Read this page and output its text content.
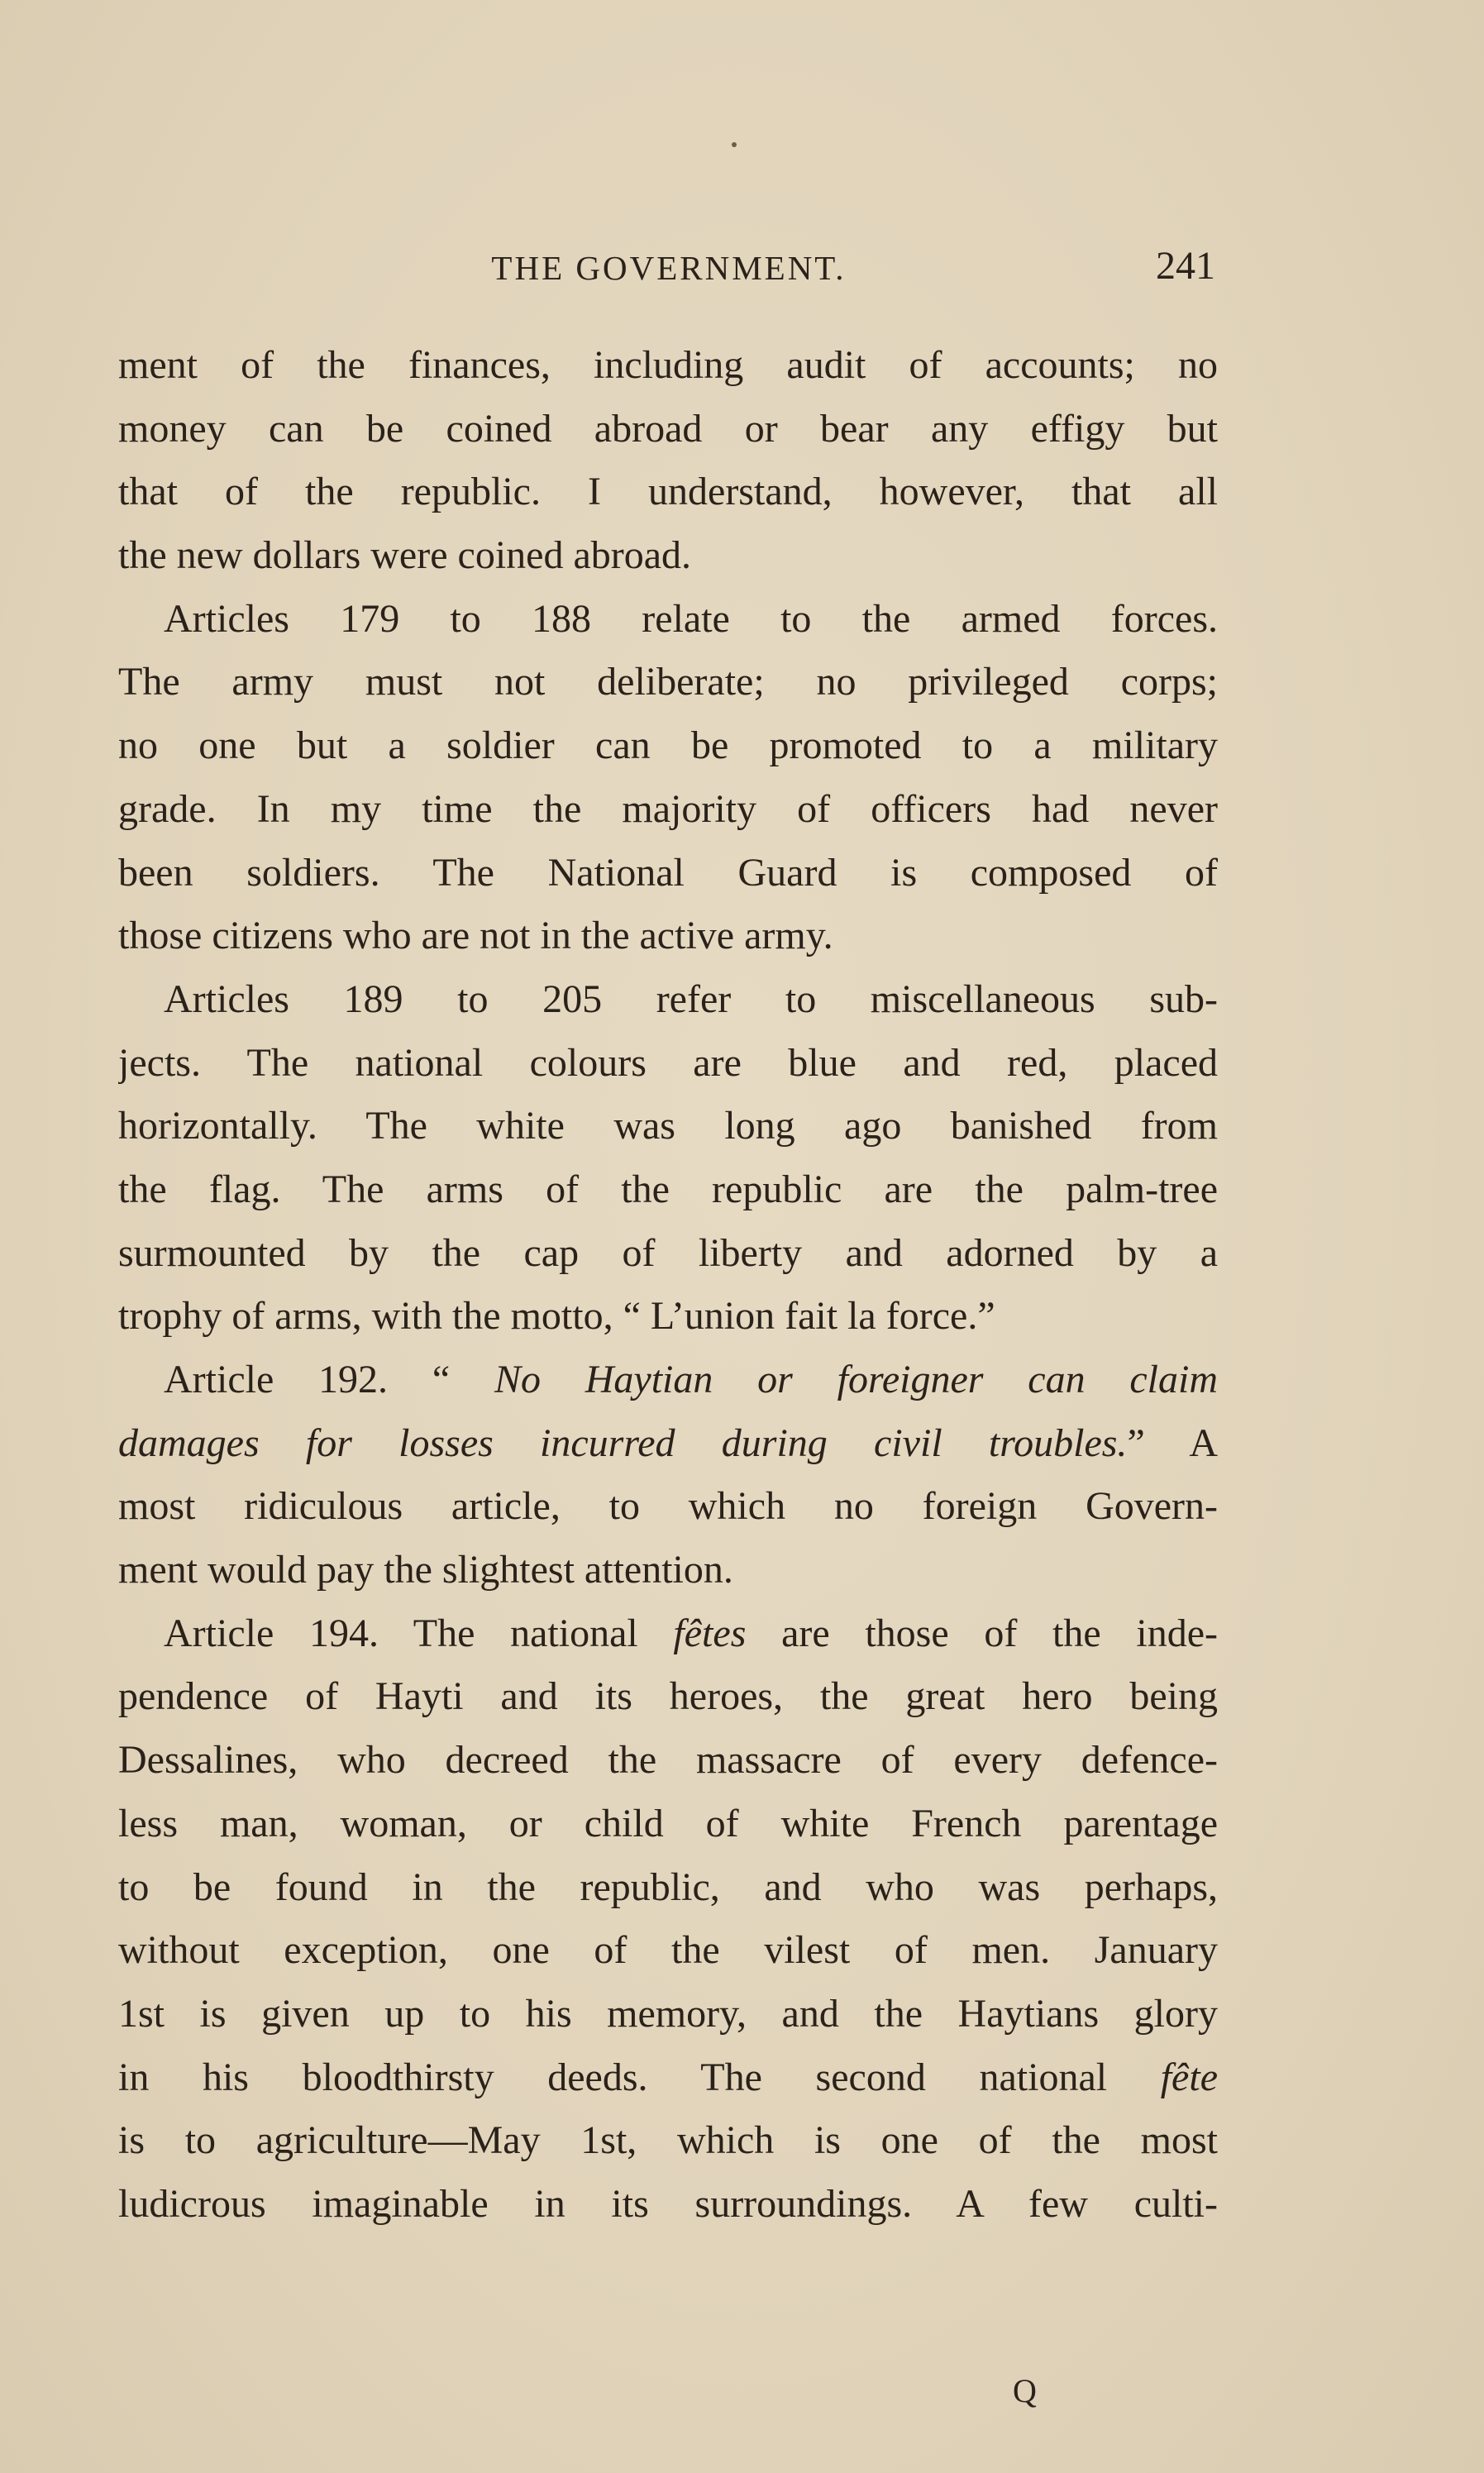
THE GOVERNMENT.	241
ment of the finances, including audit of accounts; no
money can be coined abroad or bear any effigy but
that of the republic. I understand, however, that all
the new dollars were coined abroad.
Articles 179 to 188 relate to the armed forces.
The army must not deliberate; no privileged corps;
no one but a soldier can be promoted to a military
grade. In my time the majority of officers had never
been soldiers. The National Guard is composed of
those citizens who are not in the active army.
Articles 189 to 205 refer to miscellaneous sub-
jects. The national colours are blue and red, placed
horizontally. The white was long ago banished from
the flag. The arms of the republic are the palm-tree
surmounted by the cap of liberty and adorned by a
trophy of arms, with the motto, “ L’union fait la force.”
Article 192. “ No Haytian or foreigner can claim
damages for losses incurred during civil troubles.” A
most ridiculous article, to which no foreign Govern-
ment would pay the slightest attention.
Article 194. The national fêtes are those of the inde-
pendence of Hayti and its heroes, the great hero being
Dessalines, who decreed the massacre of every defence-
less man, woman, or child of white French parentage
to be found in the republic, and who was perhaps,
without exception, one of the vilest of men. January
1st is given up to his memory, and the Haytians glory
in his bloodthirsty deeds. The second national fête
is to agriculture—May 1st, which is one of the most
ludicrous imaginable in its surroundings. A few culti-
Q
